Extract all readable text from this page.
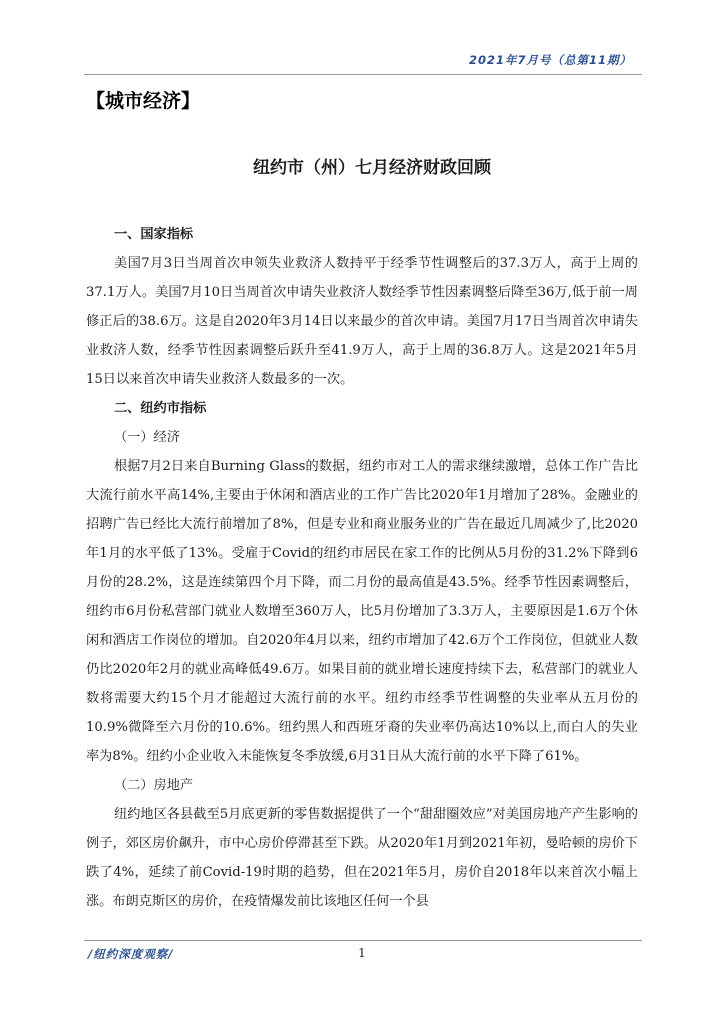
2021年7月号（总第11期）
【城市经济】
纽约市（州）七月经济财政回顾
一、国家指标

美国7月3日当周首次申领失业救济人数持平于经季节性调整后的37.3万人，高于上周的37.1万人。美国7月10日当周首次申请失业救济人数经季节性因素调整后降至36万,低于前一周修正后的38.6万。这是自2020年3月14日以来最少的首次申请。美国7月17日当周首次申请失业救济人数，经季节性因素调整后跃升至41.9万人，高于上周的36.8万人。这是2021年5月15日以来首次申请失业救济人数最多的一次。

二、纽约市指标
（一）经济

根据7月2日来自Burning Glass的数据，纽约市对工人的需求继续激增，总体工作广告比大流行前水平高14%,主要由于休闲和酒店业的工作广告比2020年1月增加了28%。金融业的招聘广告已经比大流行前增加了8%，但是专业和商业服务业的广告在最近几周减少了,比2020年1月的水平低了13%。受雇于Covid的纽约市居民在家工作的比例从5月份的31.2%下降到6月份的28.2%，这是连续第四个月下降，而二月份的最高值是43.5%。经季节性因素调整后，纽约市6月份私营部门就业人数增至360万人，比5月份增加了3.3万人，主要原因是1.6万个休闲和酒店工作岗位的增加。自2020年4月以来，纽约市增加了42.6万个工作岗位，但就业人数仍比2020年2月的就业高峰低49.6万。如果目前的就业增长速度持续下去，私营部门的就业人数将需要大约15个月才能超过大流行前的水平。纽约市经季节性调整的失业率从五月份的10.9%微降至六月份的10.6%。纽约黑人和西班牙裔的失业率仍高达10%以上,而白人的失业率为8%。纽约小企业收入未能恢复冬季放缓,6月31日从大流行前的水平下降了61%。

（二）房地产

纽约地区各县截至5月底更新的零售数据提供了一个“甜甜圈效应”对美国房地产产生影响的例子，郊区房价飙升，市中心房价停滞甚至下跌。从2020年1月到2021年初，曼哈顿的房价下跌了4%，延续了前Covid-19时期的趋势，但在2021年5月，房价自2018年以来首次小幅上涨。布朗克斯区的房价，在疫情爆发前比该地区任何一个县

/纽约深度观察/	1
